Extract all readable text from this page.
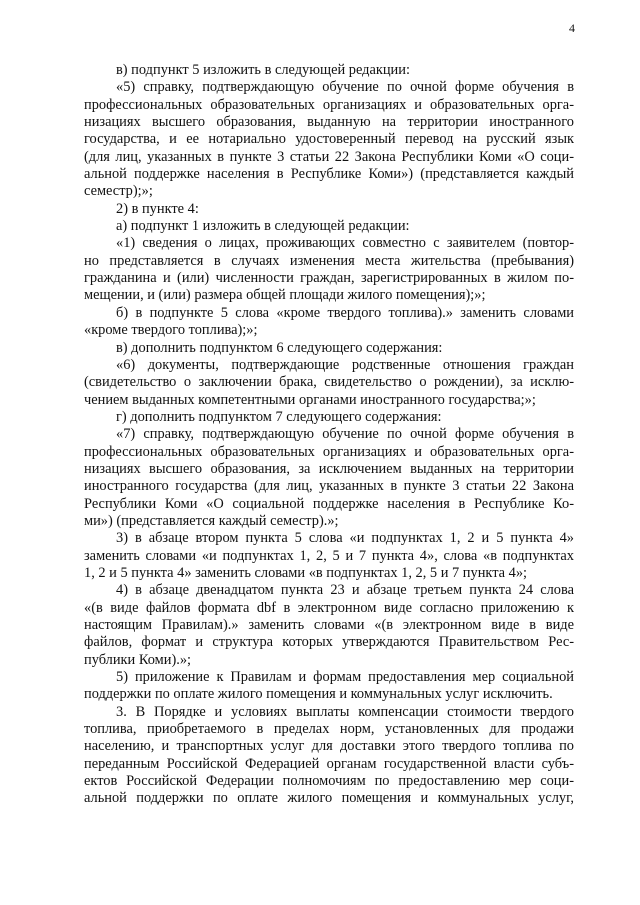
4
в) подпункт 5 изложить в следующей редакции:
«5) справку, подтверждающую обучение по очной форме обучения в
профессиональных образовательных организациях и образовательных орга-
низациях высшего образования, выданную на территории иностранного
государства, и ее нотариально удостоверенный перевод на русский язык
(для лиц, указанных в пункте 3 статьи 22 Закона Республики Коми «О соци-
альной поддержке населения в Республике Коми») (представляется каждый
семестр);»;
2) в пункте 4:
а) подпункт 1 изложить в следующей редакции:
«1) сведения о лицах, проживающих совместно с заявителем (повтор-
но представляется в случаях изменения места жительства (пребывания)
гражданина и (или) численности граждан, зарегистрированных в жилом по-
мещении, и (или) размера общей площади жилого помещения);»;
б) в подпункте 5 слова «кроме твердого топлива).» заменить словами
«кроме твердого топлива);»;
в) дополнить подпунктом 6 следующего содержания:
«6) документы, подтверждающие родственные отношения граждан
(свидетельство о заключении брака, свидетельство о рождении), за исклю-
чением выданных компетентными органами иностранного государства;»;
г) дополнить подпунктом 7 следующего содержания:
«7) справку, подтверждающую обучение по очной форме обучения в
профессиональных образовательных организациях и образовательных орга-
низациях высшего образования, за исключением выданных на территории
иностранного государства (для лиц, указанных в пункте 3 статьи 22 Закона
Республики Коми «О социальной поддержке населения в Республике Ко-
ми») (представляется каждый семестр).»;
3) в абзаце втором пункта 5 слова «и подпунктах 1, 2 и 5 пункта 4»
заменить словами «и подпунктах 1, 2, 5 и 7 пункта 4», слова «в подпунктах
1, 2 и 5 пункта 4» заменить словами «в подпунктах 1, 2, 5 и 7 пункта 4»;
4) в абзаце двенадцатом пункта 23 и абзаце третьем пункта 24 слова
«(в виде файлов формата dbf в электронном виде согласно приложению к
настоящим Правилам).» заменить словами «(в электронном виде в виде
файлов, формат и структура которых утверждаются Правительством Рес-
публики Коми).»;
5) приложение к Правилам и формам предоставления мер социальной
поддержки по оплате жилого помещения и коммунальных услуг исключить.
3. В Порядке и условиях выплаты компенсации стоимости твердого
топлива, приобретаемого в пределах норм, установленных для продажи
населению, и транспортных услуг для доставки этого твердого топлива по
переданным Российской Федерацией органам государственной власти субъ-
ектов Российской Федерации полномочиям по предоставлению мер соци-
альной поддержки по оплате жилого помещения и коммунальных услуг,
